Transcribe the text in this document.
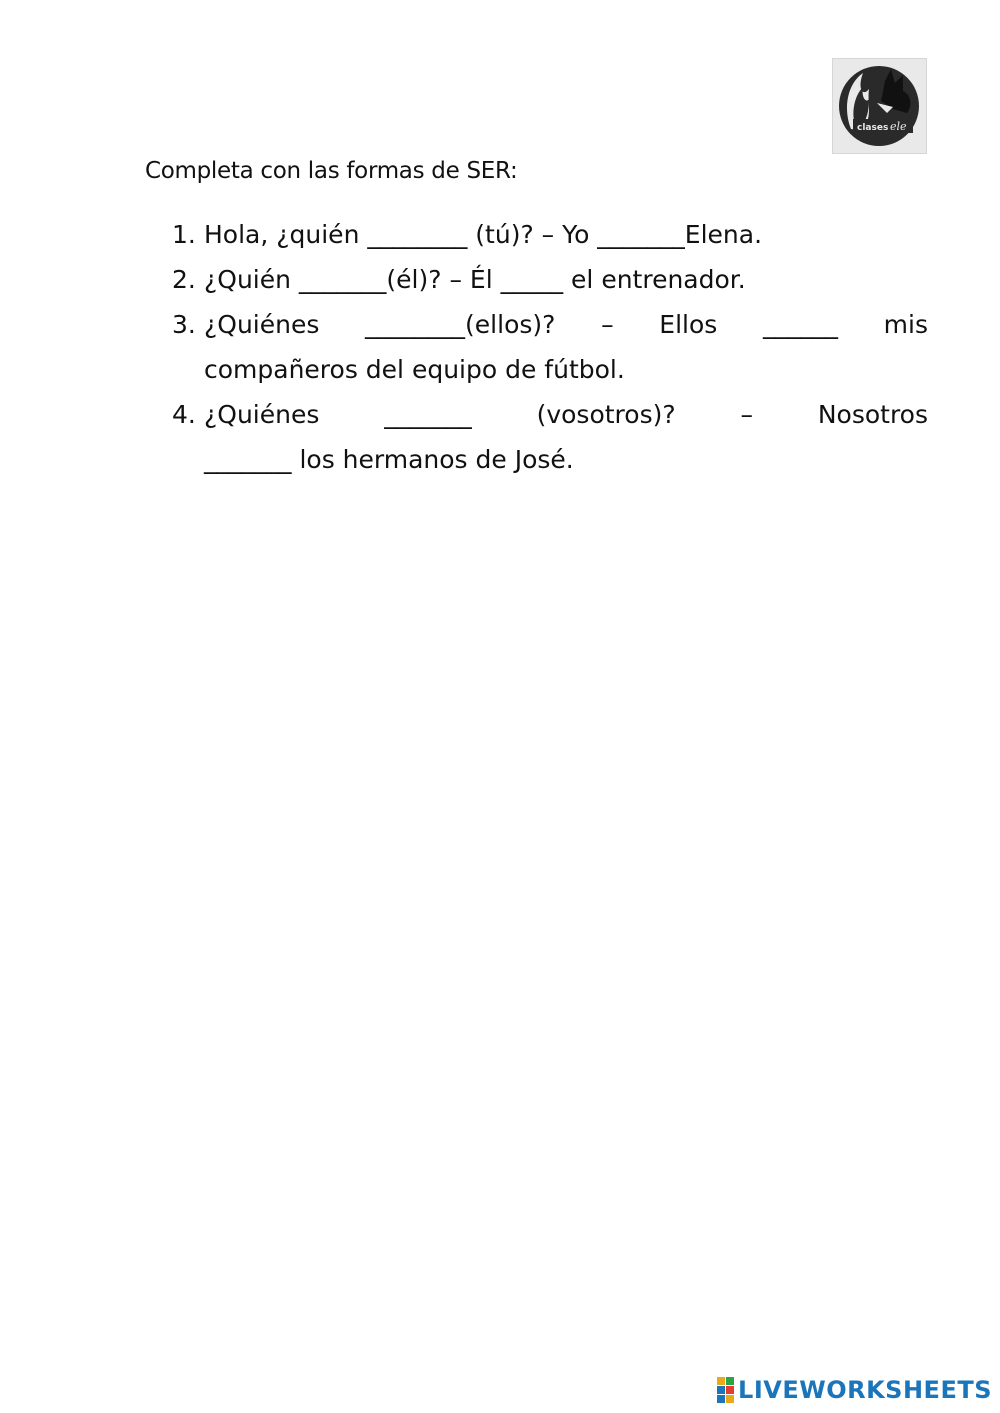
clases ele
Completa con las formas de SER:
1. Hola, ¿quién ________ (tú)? – Yo _______Elena.
2. ¿Quién _______(él)? – Él _____ el entrenador.
3. ¿Quiénes ________(ellos)? – Ellos ______ mis
compañeros del equipo de fútbol.
4. ¿Quiénes _______ (vosotros)? – Nosotros
_______ los hermanos de José.
LIVEWORKSHEETS
